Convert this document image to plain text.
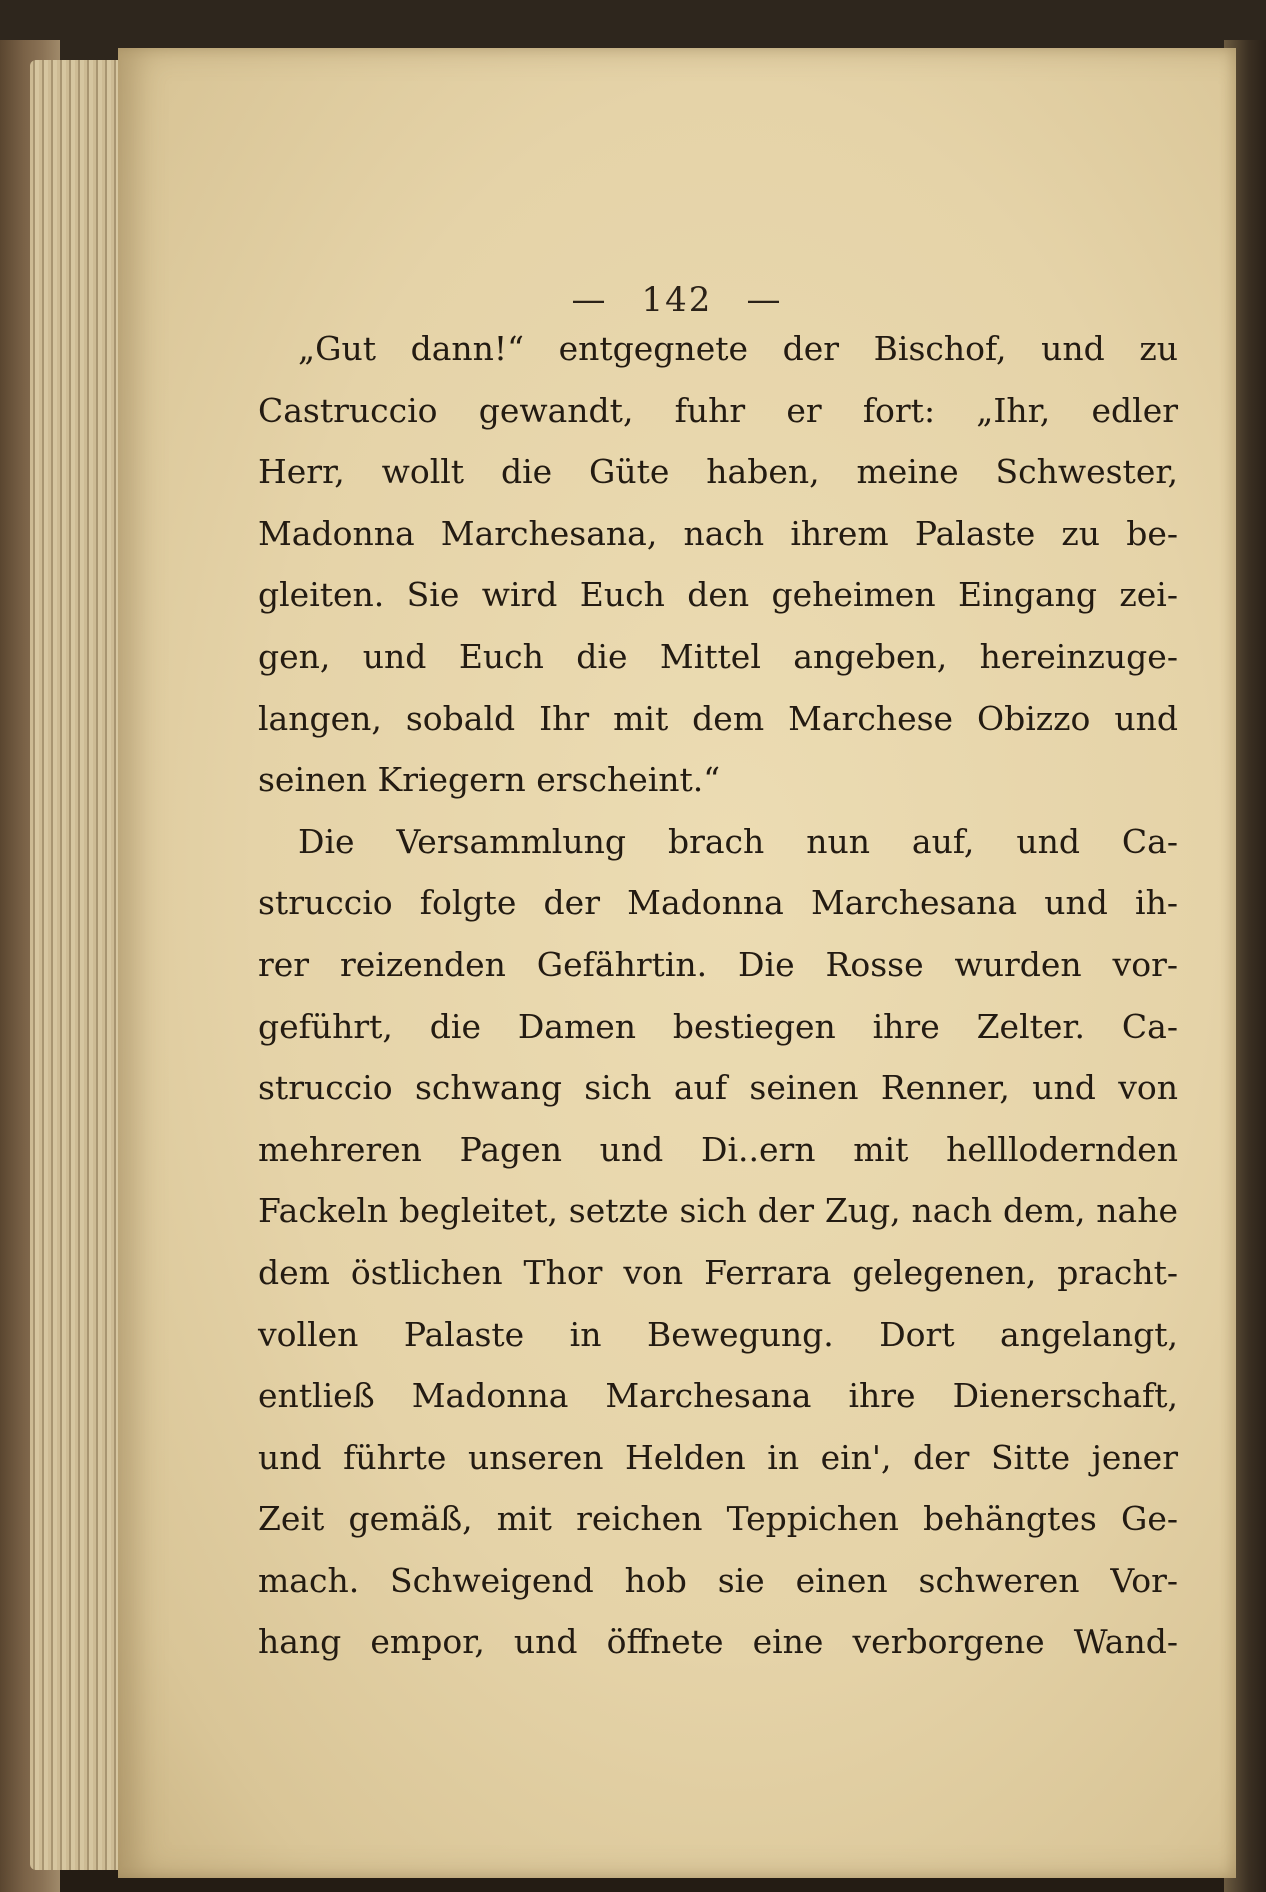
— 142 —
„Gut dann!“ entgegnete der Bischof, und zu
Castruccio gewandt, fuhr er fort: „Ihr, edler
Herr, wollt die Güte haben, meine Schwester,
Madonna Marchesana, nach ihrem Palaste zu be-
gleiten. Sie wird Euch den geheimen Eingang zei-
gen, und Euch die Mittel angeben, hereinzuge-
langen, sobald Ihr mit dem Marchese Obizzo und
seinen Kriegern erscheint.“
Die Versammlung brach nun auf, und Ca-
struccio folgte der Madonna Marchesana und ih-
rer reizenden Gefährtin. Die Rosse wurden vor-
geführt, die Damen bestiegen ihre Zelter. Ca-
struccio schwang sich auf seinen Renner, und von
mehreren Pagen und Di..ern mit helllodernden
Fackeln begleitet, setzte sich der Zug, nach dem, nahe
dem östlichen Thor von Ferrara gelegenen, pracht-
vollen Palaste in Bewegung. Dort angelangt,
entließ Madonna Marchesana ihre Dienerschaft,
und führte unseren Helden in ein', der Sitte jener
Zeit gemäß, mit reichen Teppichen behängtes Ge-
mach. Schweigend hob sie einen schweren Vor-
hang empor, und öffnete eine verborgene Wand-
